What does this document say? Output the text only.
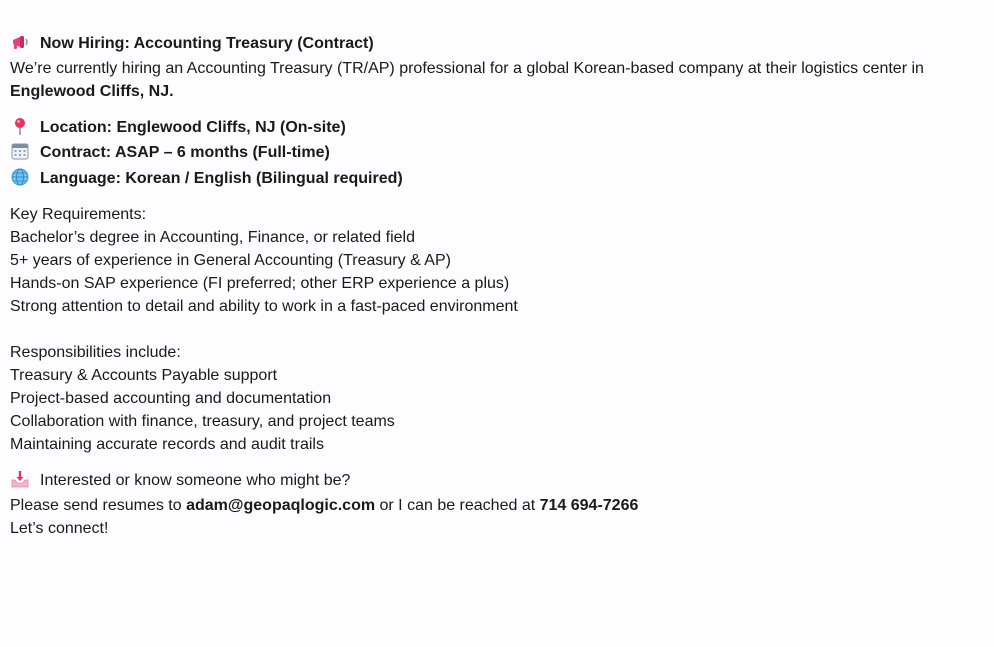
Now Hiring: Accounting Treasury (Contract)
We’re currently hiring an Accounting Treasury (TR/AP) professional for a global Korean-based company at their logistics center in
Englewood Cliffs, NJ.
Location: Englewood Cliffs, NJ (On-site)
Contract: ASAP – 6 months (Full-time)
Language: Korean / English (Bilingual required)
Key Requirements:
Bachelor’s degree in Accounting, Finance, or related field
5+ years of experience in General Accounting (Treasury & AP)
Hands-on SAP experience (FI preferred; other ERP experience a plus)
Strong attention to detail and ability to work in a fast-paced environment
Responsibilities include:
Treasury & Accounts Payable support
Project-based accounting and documentation
Collaboration with finance, treasury, and project teams
Maintaining accurate records and audit trails
Interested or know someone who might be?
Please send resumes to adam@geopaqlogic.com or I can be reached at 714 694-7266
Let’s connect!
